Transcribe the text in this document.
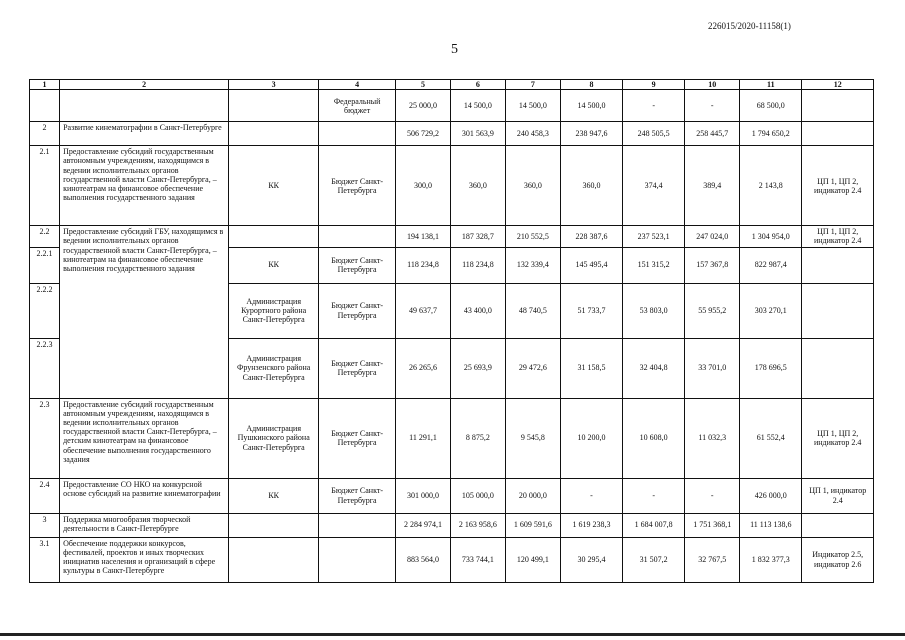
226015/2020-11158(1)
5
1	2	3	4	5	6	7	8	9	10	11	12
			Федеральный бюджет	25 000,0	14 500,0	14 500,0	14 500,0	-	-	68 500,0	
2	Развитие кинематографии в Санкт-Петербурге			506 729,2	301 563,9	240 458,3	238 947,6	248 505,5	258 445,7	1 794 650,2	
2.1	Предоставление субсидий государственным автономным учреждениям, находящимся в ведении исполнительных органов государственной власти Санкт-Петербурга, – кинотеатрам на финансовое обеспечение выполнения государственного задания	КК	Бюджет Санкт-Петербурга	300,0	360,0	360,0	360,0	374,4	389,4	2 143,8	ЦП 1, ЦП 2, индикатор 2.4
2.2	Предоставление субсидий ГБУ, находящимся в ведении исполнительных органов государственной власти Санкт-Петербурга, – кинотеатрам на финансовое обеспечение выполнения государственного задания			194 138,1	187 328,7	210 552,5	228 387,6	237 523,1	247 024,0	1 304 954,0	ЦП 1, ЦП 2, индикатор 2.4
2.2.1		КК	Бюджет Санкт-Петербурга	118 234,8	118 234,8	132 339,4	145 495,4	151 315,2	157 367,8	822 987,4	
2.2.2		Администрация Курортного района Санкт-Петербурга	Бюджет Санкт-Петербурга	49 637,7	43 400,0	48 740,5	51 733,7	53 803,0	55 955,2	303 270,1	
2.2.3		Администрация Фрунзенского района Санкт-Петербурга	Бюджет Санкт-Петербурга	26 265,6	25 693,9	29 472,6	31 158,5	32 404,8	33 701,0	178 696,5	
2.3	Предоставление субсидий государственным автономным учреждениям, находящимся в ведении исполнительных органов государственной власти Санкт-Петербурга, – детским кинотеатрам на финансовое обеспечение выполнения государственного задания	Администрация Пушкинского района Санкт-Петербурга	Бюджет Санкт-Петербурга	11 291,1	8 875,2	9 545,8	10 200,0	10 608,0	11 032,3	61 552,4	ЦП 1, ЦП 2, индикатор 2.4
2.4	Предоставление СО НКО на конкурсной основе субсидий на развитие кинематографии	КК	Бюджет Санкт-Петербурга	301 000,0	105 000,0	20 000,0	-	-	-	426 000,0	ЦП 1, индикатор 2.4
3	Поддержка многообразия творческой деятельности в Санкт-Петербурге			2 284 974,1	2 163 958,6	1 609 591,6	1 619 238,3	1 684 007,8	1 751 368,1	11 113 138,6	
3.1	Обеспечение поддержки конкурсов, фестивалей, проектов и иных творческих инициатив населения и организаций в сфере культуры в Санкт-Петербурге			883 564,0	733 744,1	120 499,1	30 295,4	31 507,2	32 767,5	1 832 377,3	Индикатор 2.5, индикатор 2.6
